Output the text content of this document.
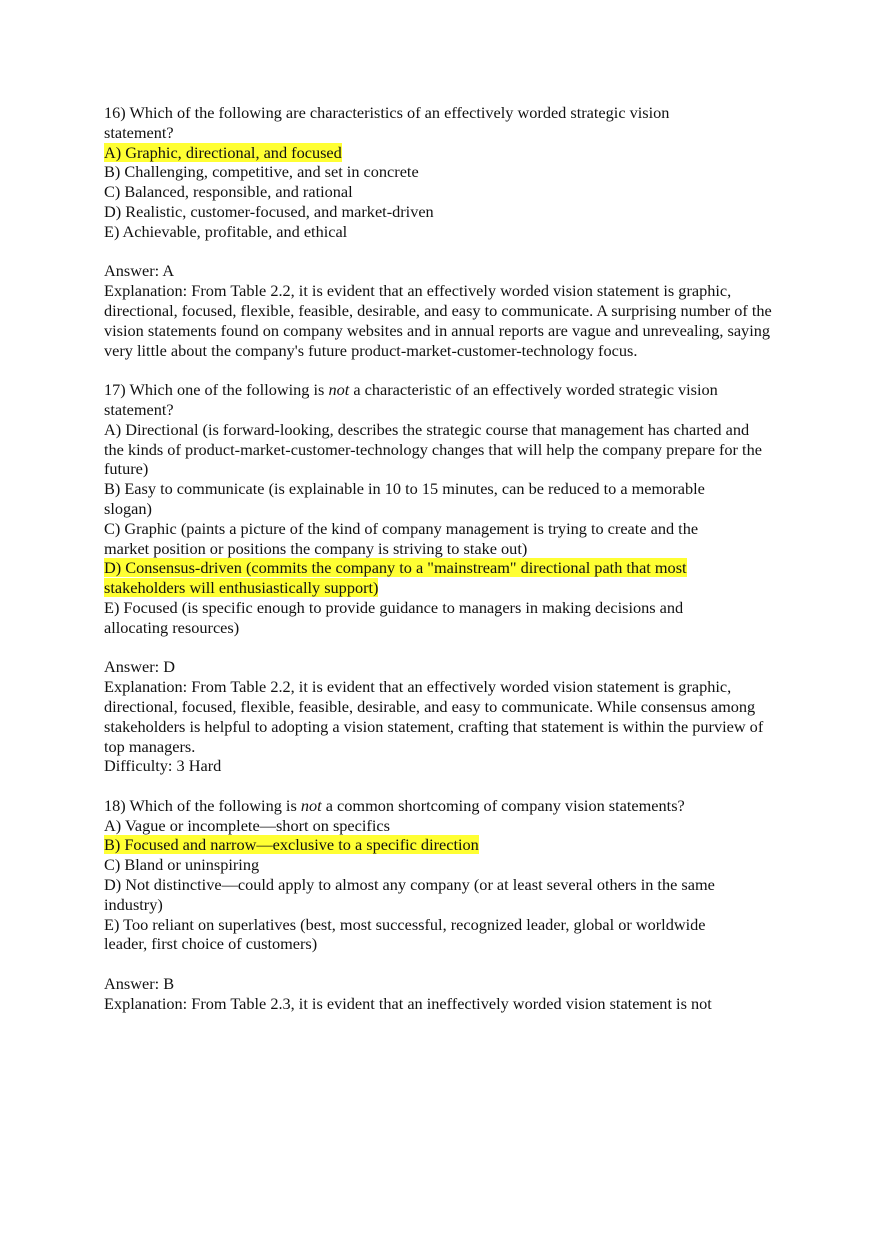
16) Which of the following are characteristics of an effectively worded strategic vision statement?

A) Graphic, directional, and focused

B) Challenging, competitive, and set in concrete

C) Balanced, responsible, and rational

D) Realistic, customer-focused, and market-driven

E) Achievable, profitable, and ethical

Answer: A

Explanation: From Table 2.2, it is evident that an effectively worded vision statement is graphic, directional, focused, flexible, feasible, desirable, and easy to communicate. A surprising number of the vision statements found on company websites and in annual reports are vague and unrevealing, saying very little about the company's future product-market-customer-technology focus.

17) Which one of the following is not a characteristic of an effectively worded strategic vision statement?

A) Directional (is forward-looking, describes the strategic course that management has charted and the kinds of product-market-customer-technology changes that will help the company prepare for the future)

B) Easy to communicate (is explainable in 10 to 15 minutes, can be reduced to a memorable slogan)

C) Graphic (paints a picture of the kind of company management is trying to create and the market position or positions the company is striving to stake out)

D) Consensus-driven (commits the company to a "mainstream" directional path that most stakeholders will enthusiastically support)

E) Focused (is specific enough to provide guidance to managers in making decisions and allocating resources)

Answer: D

Explanation: From Table 2.2, it is evident that an effectively worded vision statement is graphic, directional, focused, flexible, feasible, desirable, and easy to communicate. While consensus among stakeholders is helpful to adopting a vision statement, crafting that statement is within the purview of top managers.

Difficulty: 3 Hard

18) Which of the following is not a common shortcoming of company vision statements?

A) Vague or incomplete—short on specifics

B) Focused and narrow—exclusive to a specific direction

C) Bland or uninspiring

D) Not distinctive—could apply to almost any company (or at least several others in the same industry)

E) Too reliant on superlatives (best, most successful, recognized leader, global or worldwide leader, first choice of customers)

Answer: B

Explanation: From Table 2.3, it is evident that an ineffectively worded vision statement is not
